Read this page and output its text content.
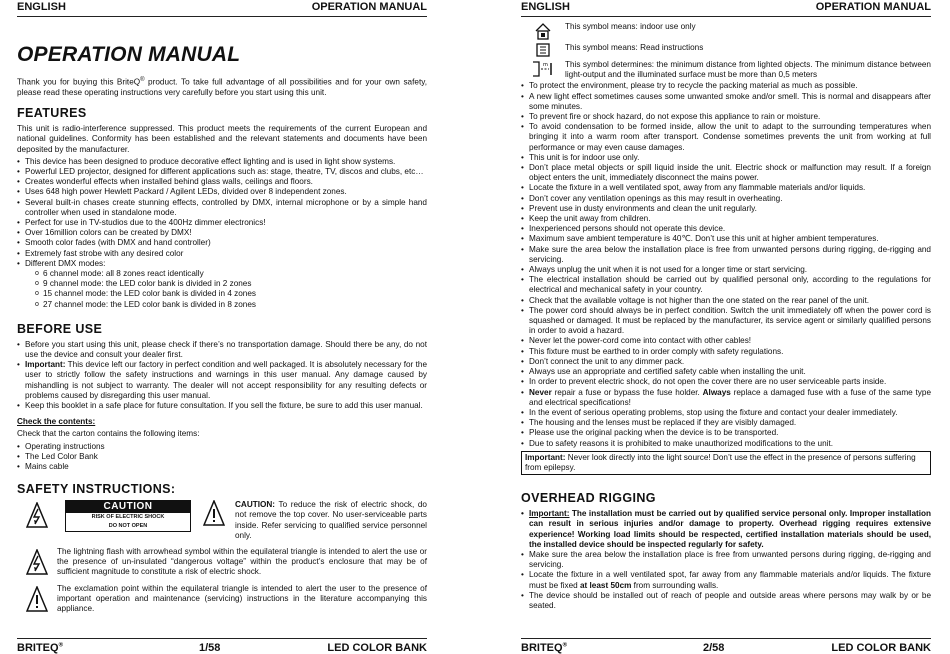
ENGLISH	OPERATION MANUAL
OPERATION MANUAL

Thank you for buying this BriteQ® product. To take full advantage of all possibilities and for your own safety, please read these operating instructions very carefully before you start using this unit.

FEATURES

This unit is radio-interference suppressed. This product meets the requirements of the current European and national guidelines. Conformity has been established and the relevant statements and documents have been deposited by the manufacturer.

• This device has been designed to produce decorative effect lighting and is used in light show systems.
• Powerful LED projector, designed for different applications such as: stage, theatre, TV, discos and clubs, etc…
• Creates wonderful effects when installed behind glass walls, ceilings and floors.
• Uses 648 high power Hewlett Packard / Agilent LEDs, divided over 8 independent zones.
• Several built-in chases create stunning effects, controlled by DMX, internal microphone or by a simple hand controller when used in standalone mode.
• Perfect for use in TV-studios due to the 400Hz dimmer electronics!
• Over 16million colors can be created by DMX!
• Smooth color fades (with DMX and hand controller)
• Extremely fast strobe with any desired color
• Different DMX modes:
o 6 channel mode: all 8 zones react identically
o 9 channel mode: the LED color bank is divided in 2 zones
o 15 channel mode: the LED color bank is divided in 4 zones
o 27 channel mode: the LED color bank is divided in 8 zones
BEFORE USE
• Before you start using this unit, please check if there’s no transportation damage. Should there be any, do not use the device and consult your dealer first.
• Important: This device left our factory in perfect condition and well packaged. It is absolutely necessary for the user to strictly follow the safety instructions and warnings in this user manual. Any damage caused by mishandling is not subject to warranty. The dealer will not accept responsibility for any resulting defects or problems caused by disregarding this user manual.
• Keep this booklet in a safe place for future consultation. If you sell the fixture, be sure to add this user manual.

Check the contents:

Check that the carton contains the following items:

• Operating instructions
• The Led Color Bank
• Mains cable
SAFETY INSTRUCTIONS:
CAUTION
RISK OF ELECTRIC SHOCK
DO NOT OPEN

CAUTION: To reduce the risk of electric shock, do not remove the top cover. No user-serviceable parts inside. Refer servicing to qualified service personnel only.

The lightning flash with arrowhead symbol within the equilateral triangle is intended to alert the use or the presence of un-insulated “dangerous voltage” within the product’s enclosure that may be of sufficient magnitude to constitute a risk of electric shock.

The exclamation point within the equilateral triangle is intended to alert the user to the presence of important operation and maintenance (servicing) instructions in the literature accompanying this appliance.

BRITEQ®	1/58	LED COLOR BANK
ENGLISH	OPERATION MANUAL
This symbol means: indoor use only
This symbol means: Read instructions
m This symbol determines: the minimum distance from lighted objects. The minimum distance between light-output and the illuminated surface must be more than 0,5 meters
• To protect the environment, please try to recycle the packing material as much as possible.
• A new light effect sometimes causes some unwanted smoke and/or smell. This is normal and disappears after some minutes.
• To prevent fire or shock hazard, do not expose this appliance to rain or moisture.
• To avoid condensation to be formed inside, allow the unit to adapt to the surrounding temperatures when bringing it into a warm room after transport. Condense sometimes prevents the unit from working at full performance or may even cause damages.
• This unit is for indoor use only.
• Don’t place metal objects or spill liquid inside the unit. Electric shock or malfunction may result. If a foreign object enters the unit, immediately disconnect the mains power.
• Locate the fixture in a well ventilated spot, away from any flammable materials and/or liquids.
• Don’t cover any ventilation openings as this may result in overheating.
• Prevent use in dusty environments and clean the unit regularly.
• Keep the unit away from children.
• Inexperienced persons should not operate this device.
• Maximum save ambient temperature is 40℃. Don’t use this unit at higher ambient temperatures.
• Make sure the area below the installation place is free from unwanted persons during rigging, de-rigging and servicing.
• Always unplug the unit when it is not used for a longer time or start servicing.
• The electrical installation should be carried out by qualified personal only, according to the regulations for electrical and mechanical safety in your country.
• Check that the available voltage is not higher than the one stated on the rear panel of the unit.
• The power cord should always be in perfect condition. Switch the unit immediately off when the power cord is squashed or damaged. It must be replaced by the manufacturer, its service agent or similarly qualified persons in order to avoid a hazard.
• Never let the power-cord come into contact with other cables!
• This fixture must be earthed to in order comply with safety regulations.
• Don’t connect the unit to any dimmer pack.
• Always use an appropriate and certified safety cable when installing the unit.
• In order to prevent electric shock, do not open the cover there are no user serviceable parts inside.
• Never repair a fuse or bypass the fuse holder. Always replace a damaged fuse with a fuse of the same type and electrical specifications!
• In the event of serious operating problems, stop using the fixture and contact your dealer immediately.
• The housing and the lenses must be replaced if they are visibly damaged.
• Please use the original packing when the device is to be transported.
• Due to safety reasons it is prohibited to make unauthorized modifications to the unit.
Important: Never look directly into the light source! Don’t use the effect in the presence of persons suffering from epilepsy.
OVERHEAD RIGGING
• Important: The installation must be carried out by qualified service personal only. Improper installation can result in serious injuries and/or damage to property. Overhead rigging requires extensive experience! Working load limits should be respected, certified installation materials should be used, the installed device should be inspected regularly for safety.
• Make sure the area below the installation place is free from unwanted persons during rigging, de-rigging and servicing.
• Locate the fixture in a well ventilated spot, far away from any flammable materials and/or liquids. The fixture must be fixed at least 50cm from surrounding walls.
• The device should be installed out of reach of people and outside areas where persons may walk by or be seated.
BRITEQ®	2/58	LED COLOR BANK
